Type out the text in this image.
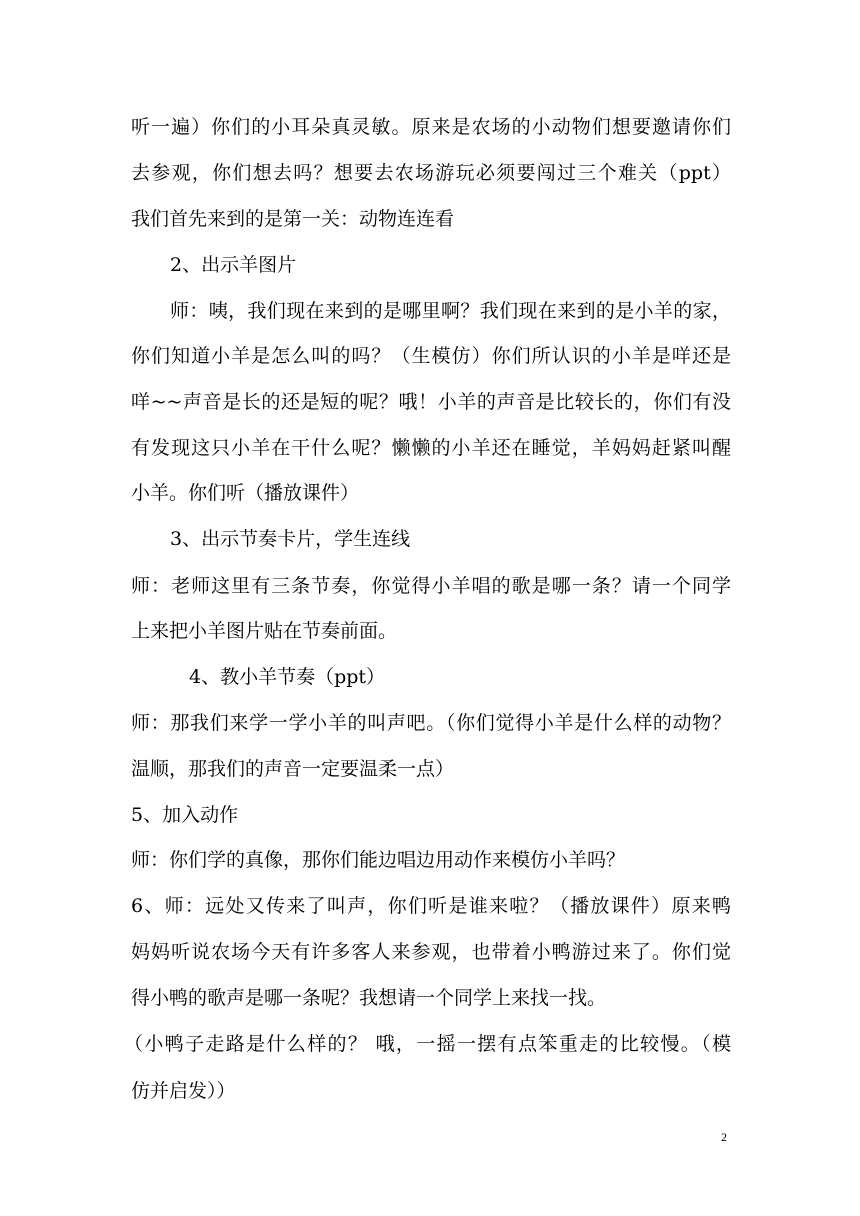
听一遍）你们的小耳朵真灵敏。原来是农场的小动物们想要邀请你们
去参观，你们想去吗？想要去农场游玩必须要闯过三个难关（ppt）
我们首先来到的是第一关：动物连连看
2、出示羊图片
师：咦，我们现在来到的是哪里啊？我们现在来到的是小羊的家，
你们知道小羊是怎么叫的吗？（生模仿）你们所认识的小羊是咩还是
咩~~声音是长的还是短的呢？哦！小羊的声音是比较长的，你们有没
有发现这只小羊在干什么呢？懒懒的小羊还在睡觉，羊妈妈赶紧叫醒
小羊。你们听（播放课件）
3、出示节奏卡片，学生连线
师：老师这里有三条节奏，你觉得小羊唱的歌是哪一条？请一个同学
上来把小羊图片贴在节奏前面。
4、教小羊节奏（ppt）
师：那我们来学一学小羊的叫声吧。（你们觉得小羊是什么样的动物？
温顺，那我们的声音一定要温柔一点）
5、加入动作
师：你们学的真像，那你们能边唱边用动作来模仿小羊吗？
6、师：远处又传来了叫声，你们听是谁来啦？（播放课件）原来鸭
妈妈听说农场今天有许多客人来参观，也带着小鸭游过来了。你们觉
得小鸭的歌声是哪一条呢？我想请一个同学上来找一找。
（小鸭子走路是什么样的？ 哦，一摇一摆有点笨重走的比较慢。（模
仿并启发））
2
